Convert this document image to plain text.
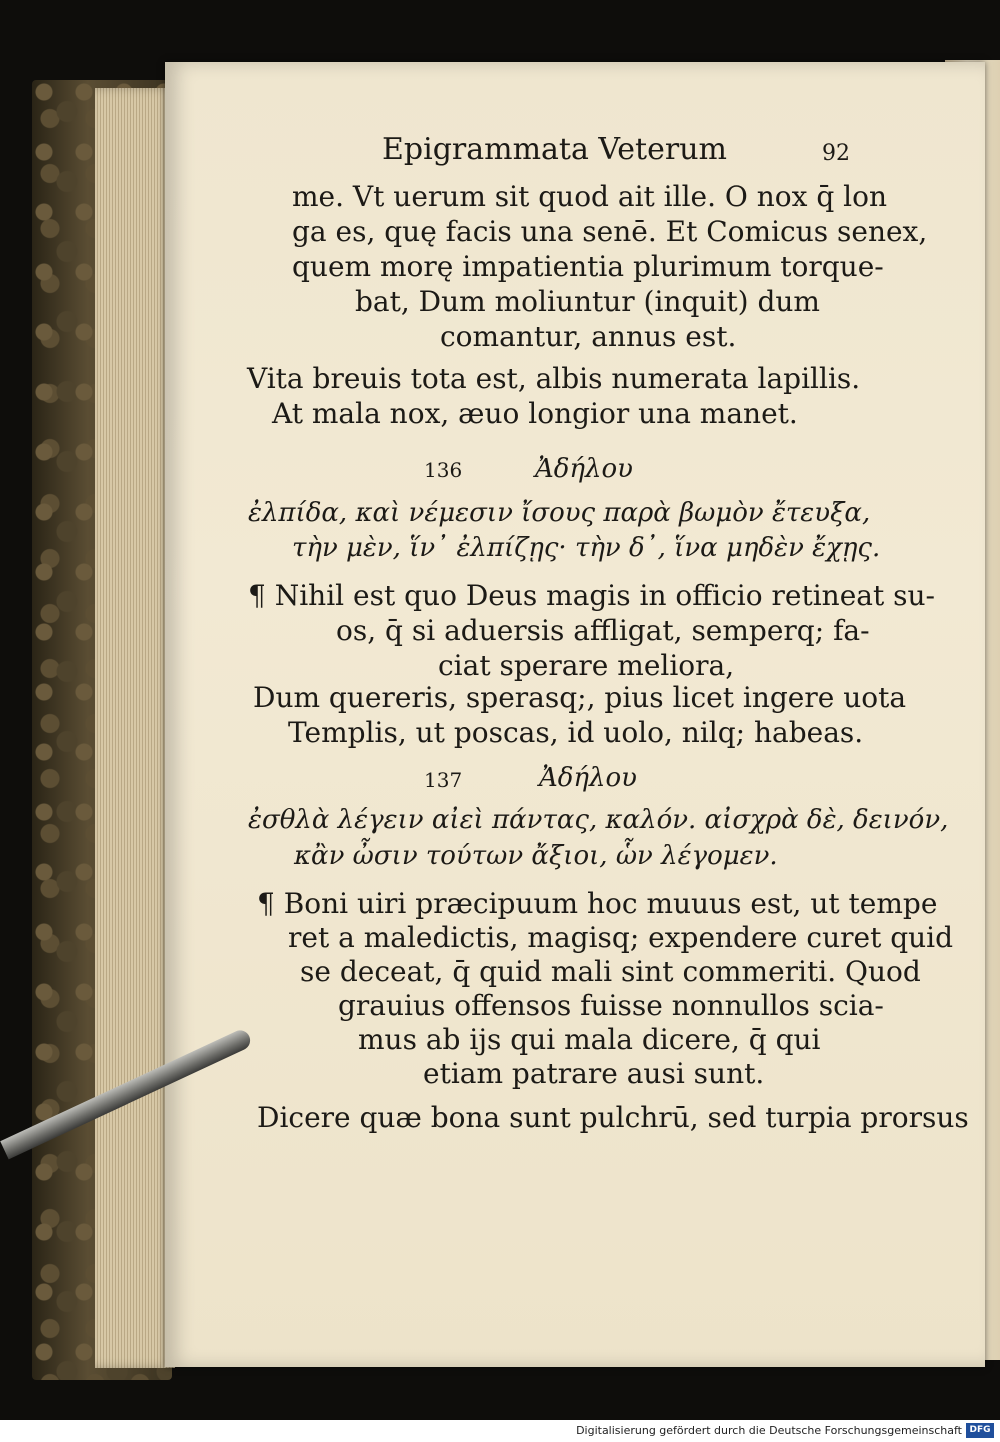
Epigrammata Veterum	92
me. Vt uerum sit quod ait ille. O nox q̄ lon
ga es, quę facis una senē. Et Comicus senex,
quem morę impatientia plurimum torque-
bat, Dum moliuntur (inquit) dum
comantur, annus est.
Vita breuis tota est, albis numerata lapillis.
At mala nox, æuo longior una manet.
136	Ἀδήλου
ἐλπίδα, καὶ νέμεσιν ἴσους παρὰ βωμὸν ἔτευξα,
τὴν μὲν, ἵν᾽ ἐλπίζῃς· τὴν δ᾽, ἵνα μηδὲν ἔχῃς.
¶ Nihil est quo Deus magis in officio retineat su-
os, q̄ si aduersis affligat, semperq; fa-
ciat sperare meliora,
Dum quereris, sperasq;, pius licet ingere uota
Templis, ut poscas, id uolo, nilq; habeas.
137	Ἀδήλου
ἐσθλὰ λέγειν αἰεὶ πάντας, καλόν. αἰσχρὰ δὲ, δεινόν,
κἂν ὦσιν τούτων ἄξιοι, ὧν λέγομεν.
¶ Boni uiri præcipuum hoc muuus est, ut tempe
ret a maledictis, magisq; expendere curet quid
se deceat, q̄ quid mali sint commeriti. Quod
grauius offensos fuisse nonnullos scia-
mus ab ijs qui mala dicere, q̄ qui
etiam patrare ausi sunt.
Dicere quæ bona sunt pulchrū, sed turpia prorsus
Digitalisierung gefördert durch die Deutsche Forschungsgemeinschaft DFG
